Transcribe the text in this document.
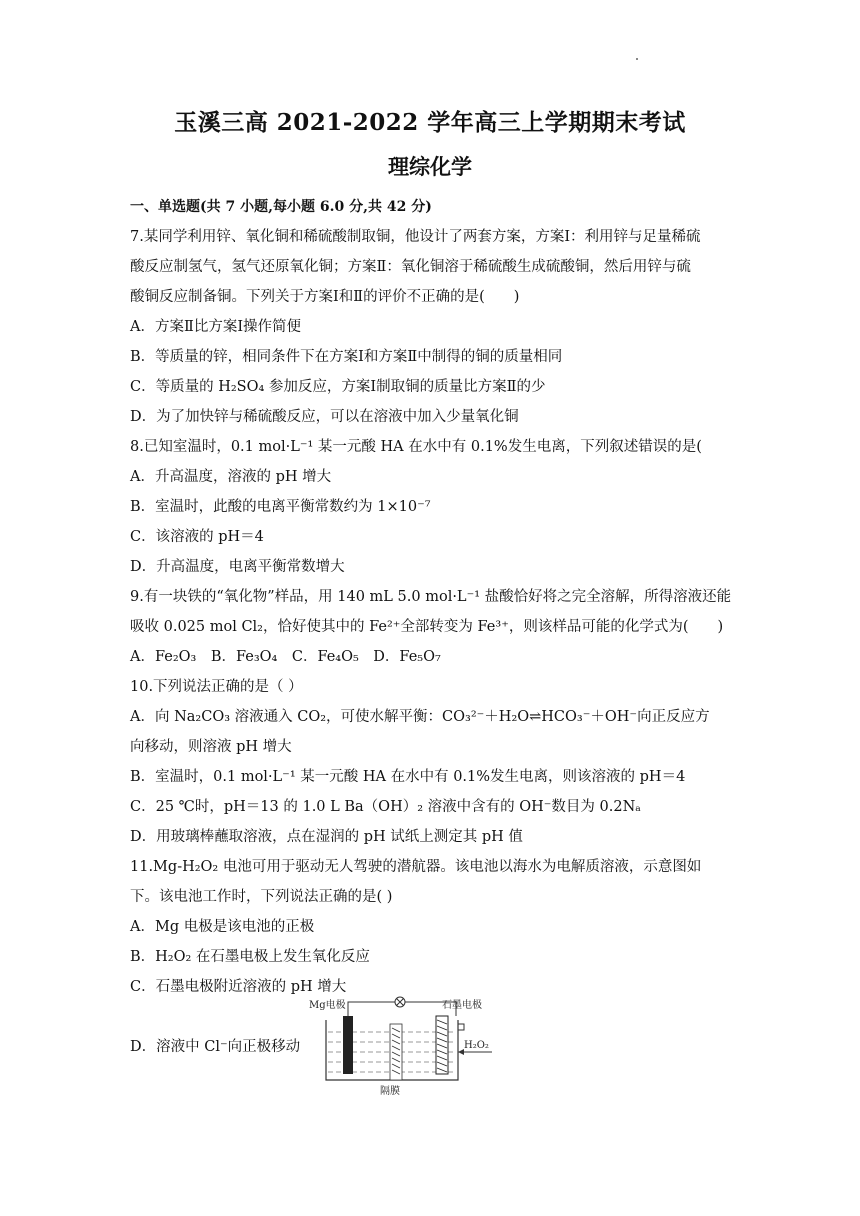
玉溪三高 2021-2022 学年高三上学期期末考试
理综化学
一、单选题(共 7 小题,每小题 6.0 分,共 42 分)
7.某同学利用锌、氧化铜和稀硫酸制取铜，他设计了两套方案，方案Ⅰ：利用锌与足量稀硫
酸反应制氢气，氢气还原氧化铜；方案Ⅱ：氧化铜溶于稀硫酸生成硫酸铜，然后用锌与硫
酸铜反应制备铜。下列关于方案Ⅰ和Ⅱ的评价不正确的是(　　)
A．方案Ⅱ比方案Ⅰ操作简便
B．等质量的锌，相同条件下在方案Ⅰ和方案Ⅱ中制得的铜的质量相同
C．等质量的 H₂SO₄ 参加反应，方案Ⅰ制取铜的质量比方案Ⅱ的少
D．为了加快锌与稀硫酸反应，可以在溶液中加入少量氧化铜
8.已知室温时，0.1 mol·L⁻¹ 某一元酸 HA 在水中有 0.1%发生电离，下列叙述错误的是(
A．升高温度，溶液的 pH 增大
B．室温时，此酸的电离平衡常数约为 1×10⁻⁷
C．该溶液的 pH＝4
D．升高温度，电离平衡常数增大
9.有一块铁的“氧化物”样品，用 140 mL 5.0 mol·L⁻¹ 盐酸恰好将之完全溶解，所得溶液还能
吸收 0.025 mol Cl₂，恰好使其中的 Fe²⁺全部转变为 Fe³⁺，则该样品可能的化学式为(　　)
A．Fe₂O₃　B．Fe₃O₄　C．Fe₄O₅　D．Fe₅O₇
10.下列说法正确的是（ ）
A．向 Na₂CO₃ 溶液通入 CO₂，可使水解平衡：CO₃²⁻＋H₂O⇌HCO₃⁻＋OH⁻向正反应方
向移动，则溶液 pH 增大
B．室温时，0.1 mol·L⁻¹ 某一元酸 HA 在水中有 0.1%发生电离，则该溶液的 pH＝4
C．25 ℃时，pH＝13 的 1.0 L Ba（OH）₂ 溶液中含有的 OH⁻数目为 0.2Nₐ
D．用玻璃棒蘸取溶液，点在湿润的 pH 试纸上测定其 pH 值
11.Mg-H₂O₂ 电池可用于驱动无人驾驶的潜航器。该电池以海水为电解质溶液，示意图如
下。该电池工作时，下列说法正确的是( )
A．Mg 电极是该电池的正极
B．H₂O₂ 在石墨电极上发生氧化反应
C．石墨电极附近溶液的 pH 增大
D．溶液中 Cl⁻向正极移动
Mg电极	石墨电极
H₂O₂
隔膜
